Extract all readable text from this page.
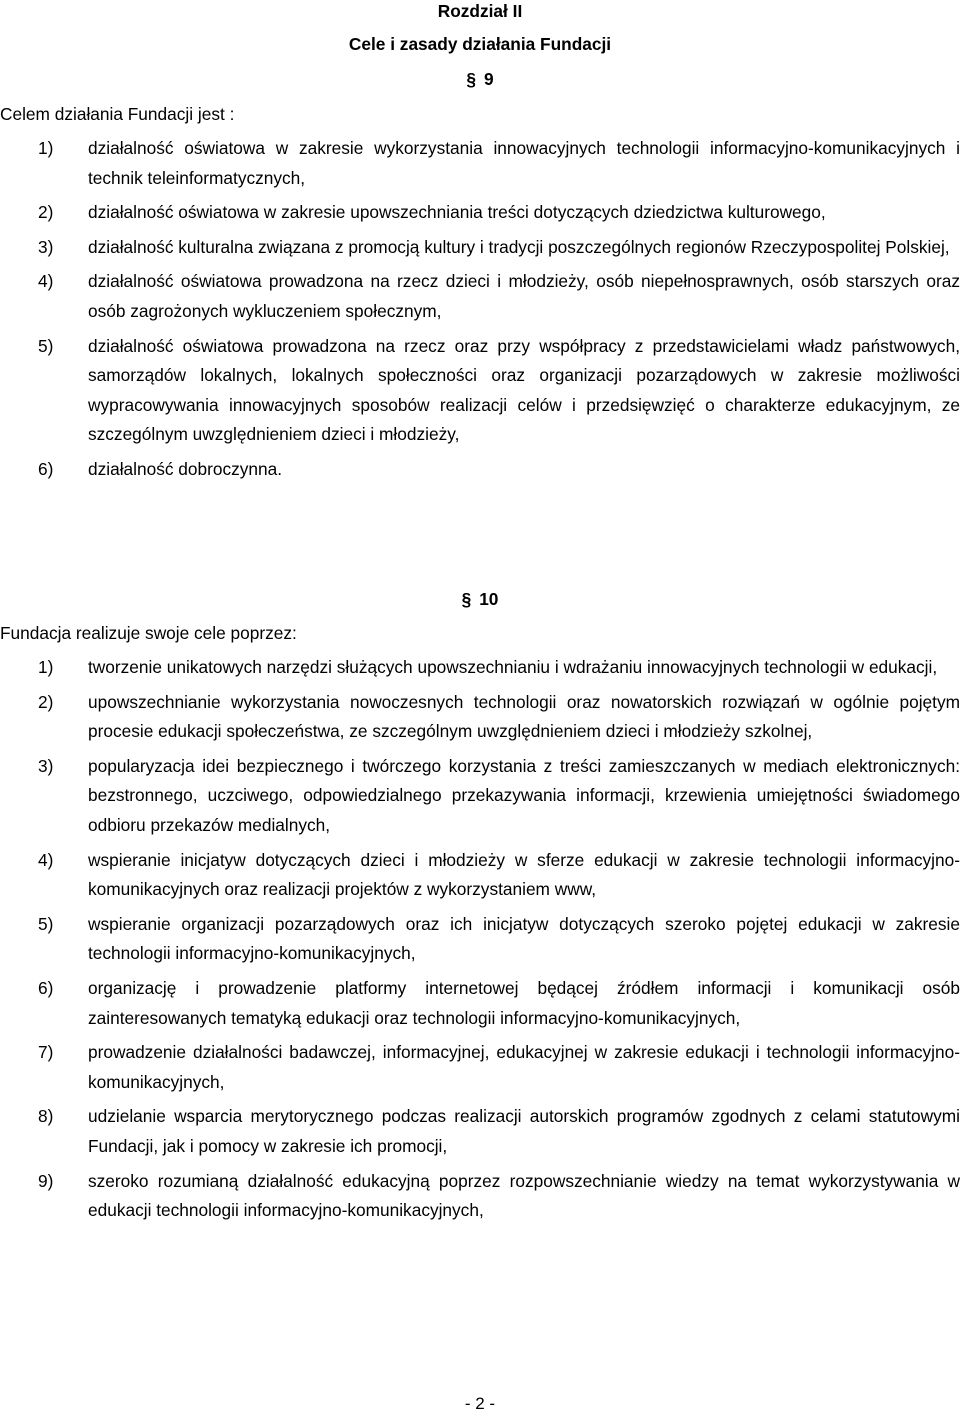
Rozdział II
Cele i zasady działania Fundacji
§ 9
Celem działania Fundacji jest :
1) działalność oświatowa w zakresie wykorzystania innowacyjnych technologii informacyjno-komunikacyjnych i technik teleinformatycznych,
2) działalność oświatowa w zakresie upowszechniania treści dotyczących dziedzictwa kulturowego,
3) działalność kulturalna związana z promocją kultury i tradycji poszczególnych regionów Rzeczypospolitej Polskiej,
4) działalność oświatowa prowadzona na rzecz dzieci i młodzieży, osób niepełnosprawnych, osób starszych oraz osób zagrożonych wykluczeniem społecznym,
5) działalność oświatowa prowadzona na rzecz oraz przy współpracy z przedstawicielami władz państwowych, samorządów lokalnych, lokalnych społeczności oraz organizacji pozarządowych w zakresie możliwości wypracowywania innowacyjnych sposobów realizacji celów i przedsięwzięć o charakterze edukacyjnym, ze szczególnym uwzględnieniem dzieci i młodzieży,
6) działalność dobroczynna.
§ 10
Fundacja realizuje swoje cele poprzez:
1) tworzenie unikatowych narzędzi służących upowszechnianiu i wdrażaniu innowacyjnych technologii w edukacji,
2) upowszechnianie wykorzystania nowoczesnych technologii oraz nowatorskich rozwiązań w ogólnie pojętym procesie edukacji społeczeństwa, ze szczególnym uwzględnieniem dzieci i młodzieży szkolnej,
3) popularyzacja idei bezpiecznego i twórczego korzystania z treści zamieszczanych w mediach elektronicznych: bezstronnego, uczciwego, odpowiedzialnego przekazywania informacji, krzewienia umiejętności świadomego odbioru przekazów medialnych,
4) wspieranie inicjatyw dotyczących dzieci i młodzieży w sferze edukacji w zakresie technologii informacyjno-komunikacyjnych oraz realizacji projektów z wykorzystaniem www,
5) wspieranie organizacji pozarządowych oraz ich inicjatyw dotyczących szeroko pojętej edukacji w zakresie technologii informacyjno-komunikacyjnych,
6) organizację i prowadzenie platformy internetowej będącej źródłem informacji i komunikacji osób zainteresowanych tematyką edukacji oraz technologii informacyjno-komunikacyjnych,
7) prowadzenie działalności badawczej, informacyjnej, edukacyjnej w zakresie edukacji i technologii informacyjno-komunikacyjnych,
8) udzielanie wsparcia merytorycznego podczas realizacji autorskich programów zgodnych z celami statutowymi Fundacji, jak i pomocy w zakresie ich promocji,
9) szeroko rozumianą działalność edukacyjną poprzez rozpowszechnianie wiedzy na temat wykorzystywania w edukacji technologii informacyjno-komunikacyjnych,
- 2 -
